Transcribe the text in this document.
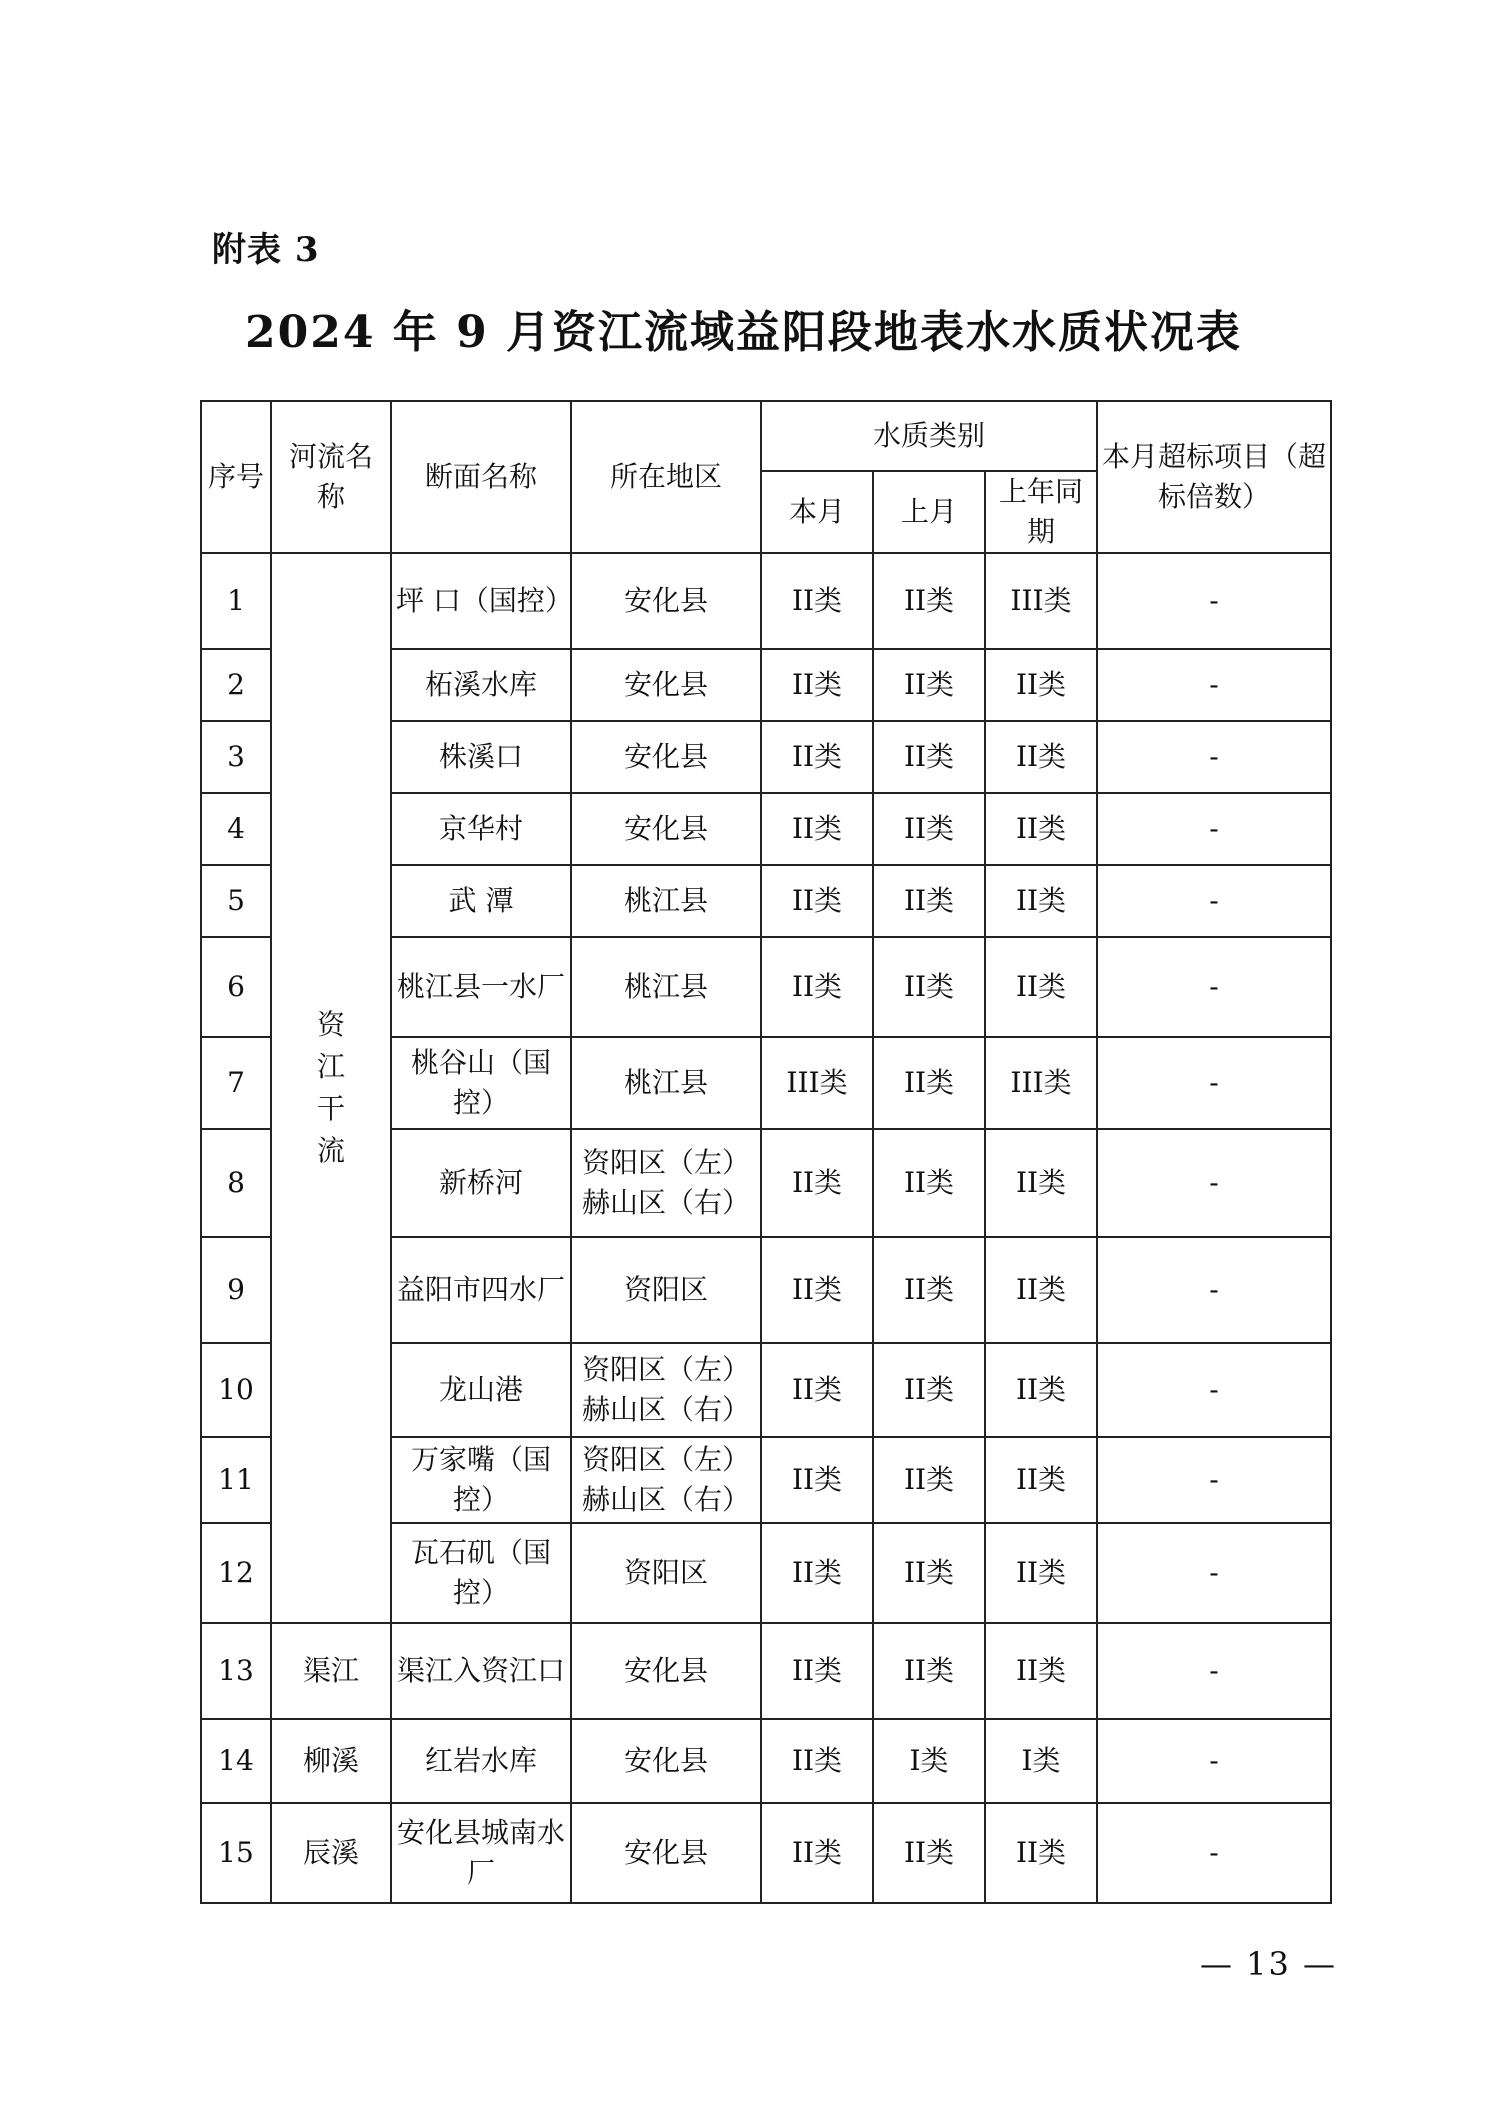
附表 3
2024 年 9 月资江流域益阳段地表水水质状况表
序号	河流名称	断面名称	所在地区	水质类别			本月超标项目（超标倍数）
				本月	上月	上年同期	
1	资江干流	坪 口（国控）	安化县	II类	II类	III类	-
2		柘溪水库	安化县	II类	II类	II类	-
3		株溪口	安化县	II类	II类	II类	-
4		京华村	安化县	II类	II类	II类	-
5		武 潭	桃江县	II类	II类	II类	-
6		桃江县一水厂	桃江县	II类	II类	II类	-
7		桃谷山（国控）	桃江县	III类	II类	III类	-
8		新桥河	资阳区（左）赫山区（右）	II类	II类	II类	-
9		益阳市四水厂	资阳区	II类	II类	II类	-
10		龙山港	资阳区（左）赫山区（右）	II类	II类	II类	-
11		万家嘴（国控）	资阳区（左）赫山区（右）	II类	II类	II类	-
12		瓦石矶（国控）	资阳区	II类	II类	II类	-
13	渠江	渠江入资江口	安化县	II类	II类	II类	-
14	柳溪	红岩水库	安化县	II类	I类	I类	-
15	辰溪	安化县城南水厂	安化县	II类	II类	II类	-
— 13 —
